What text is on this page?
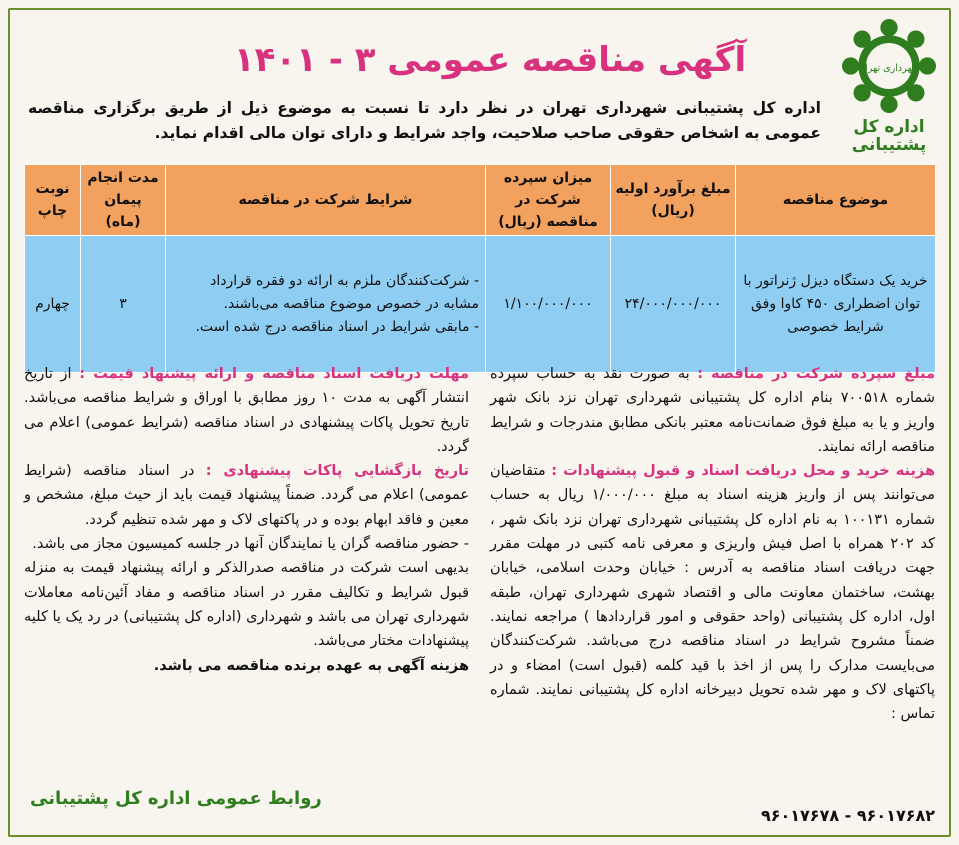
شهرداری تهران
اداره کل پشتیبانی
آگهی مناقصه عمومی ۳ - ۱۴۰۱
اداره کل پشتیبانی شهرداری تهران در نظر دارد تا نسبت به موضوع ذیل از طریق برگزاری مناقصه عمومی به اشخاص حقوقی صاحب صلاحیت، واجد شرایط و دارای توان مالی اقدام نماید.
موضوع مناقصه	مبلغ برآورد اولیه (ریال)	میزان سپرده شرکت در مناقصه (ریال)	شرایط شرکت در مناقصه	مدت انجام پیمان (ماه)	نوبت چاپ
خرید یک دستگاه دیزل ژنراتور با توان اضطراری ۴۵۰ کاوا وفق شرایط خصوصی	۲۴/۰۰۰/۰۰۰/۰۰۰	۱/۱۰۰/۰۰۰/۰۰۰	- شرکت‌کنندگان ملزم به ارائه دو فقره قرارداد مشابه در خصوص موضوع مناقصه می‌باشند.
- مابقی شرایط در اسناد مناقصه درج شده است.	۳	چهارم

مبلغ سپرده شرکت در مناقصه : به صورت نقد به حساب سپرده شماره ۷۰۰۵۱۸ بنام اداره کل پشتیبانی شهرداری تهران نزد بانک شهر واریز و یا به مبلغ فوق ضمانت‌نامه معتبر بانکی مطابق مندرجات و شرایط مناقصه ارائه نمایند.

هزینه خرید و محل دریافت اسناد و قبول پیشنهادات : متقاضیان می‌توانند پس از واریز هزینه اسناد به مبلغ ۱/۰۰۰/۰۰۰ ریال به حساب شماره ۱۰۰۱۳۱ به نام اداره کل پشتیبانی شهرداری تهران نزد بانک شهر ، کد ۲۰۲ همراه با اصل فیش واریزی و معرفی نامه کتبی در مهلت مقرر جهت دریافت اسناد مناقصه به آدرس : خیابان وحدت اسلامی، خیابان بهشت، ساختمان معاونت مالی و اقتصاد شهری شهرداری تهران، طبقه اول، اداره کل پشتیبانی (واحد حقوقی و امور قراردادها ) مراجعه نمایند. ضمناً مشروح شرایط در اسناد مناقصه درج می‌باشد. شرکت‌کنندگان می‌بایست مدارک را پس از اخذ با قید کلمه (قبول است) امضاء و در پاکتهای لاک و مهر شده تحویل دبیرخانه اداره کل پشتیبانی نمایند. شماره تماس :

مهلت دریافت اسناد مناقصه و ارائه پیشنهاد قیمت : از تاریخ انتشار آگهی به مدت ۱۰ روز مطابق با اوراق و شرایط مناقصه می‌باشد. تاریخ تحویل پاکات پیشنهادی در اسناد مناقصه (شرایط عمومی) اعلام می گردد.

تاریخ بازگشایی پاکات پیشنهادی : در اسناد مناقصه (شرایط عمومی) اعلام می گردد. ضمناً پیشنهاد قیمت باید از حیث مبلغ، مشخص و معین و فاقد ابهام بوده و در پاکتهای لاک و مهر شده تنظیم گردد.

- حضور مناقصه گران یا نمایندگان آنها در جلسه کمیسیون مجاز می باشد.

بدیهی است شرکت در مناقصه صدرالذکر و ارائه پیشنهاد قیمت به منزله قبول شرایط و تکالیف مقرر در اسناد مناقصه و مفاد آئین‌نامه معاملات شهرداری تهران می باشد و شهرداری (اداره کل پشتیبانی) در رد یک یا کلیه پیشنهادات مختار می‌باشد.

هزینه آگهی به عهده برنده مناقصه می باشد.

۹۶۰۱۷۶۸۲ - ۹۶۰۱۷۶۷۸
روابط عمومی اداره کل پشتیبانی
